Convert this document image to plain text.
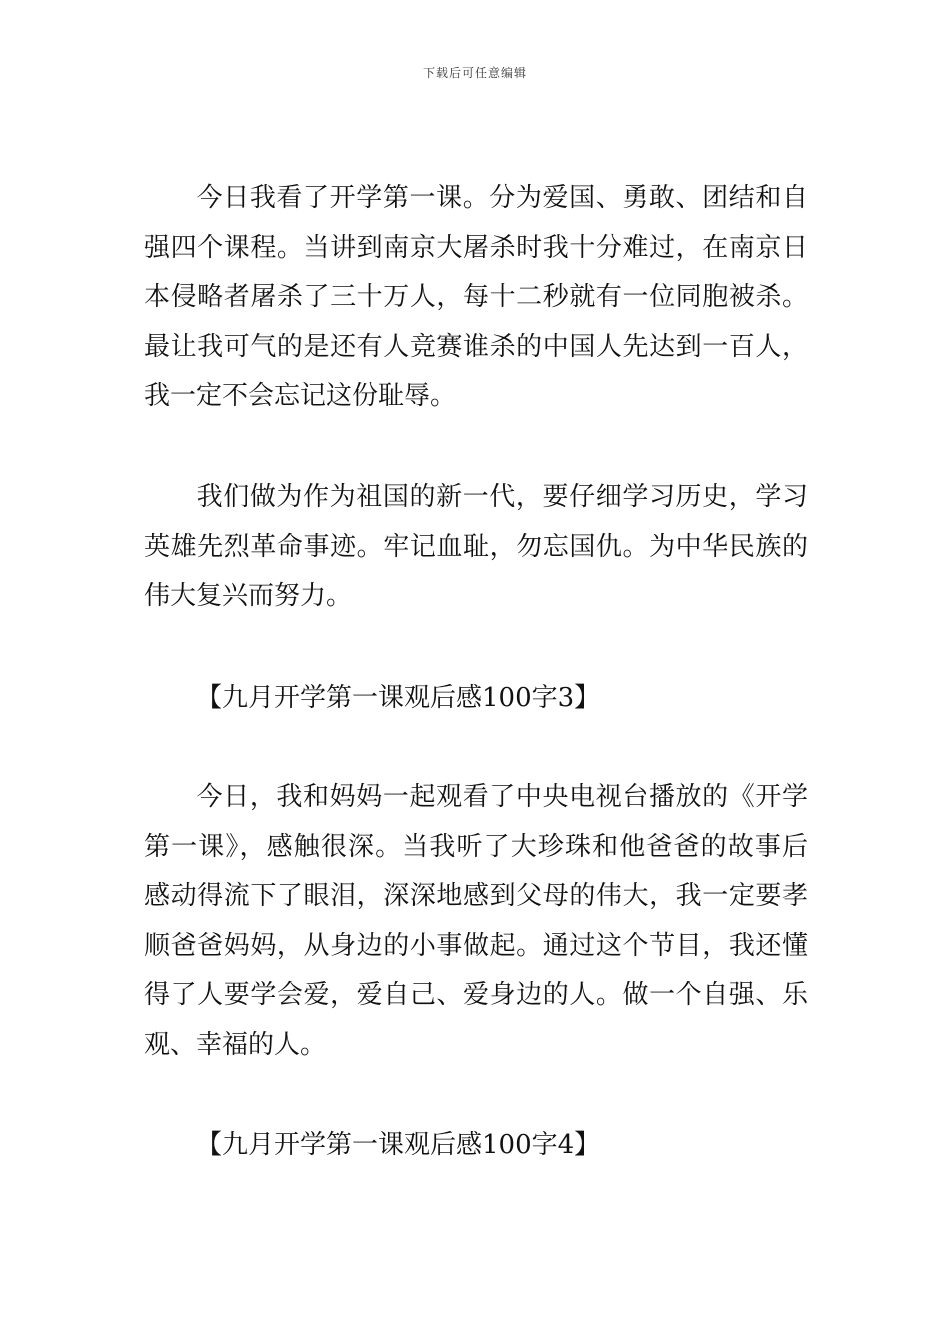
下载后可任意编辑
今日我看了开学第一课。分为爱国、勇敢、团结和自
强四个课程。当讲到南京大屠杀时我十分难过，在南京日
本侵略者屠杀了三十万人，每十二秒就有一位同胞被杀。
最让我可气的是还有人竞赛谁杀的中国人先达到一百人，
我一定不会忘记这份耻辱。
我们做为作为祖国的新一代，要仔细学习历史，学习
英雄先烈革命事迹。牢记血耻，勿忘国仇。为中华民族的
伟大复兴而努力。
【九月开学第一课观后感100字3】
今日，我和妈妈一起观看了中央电视台播放的《开学
第一课》，感触很深。当我听了大珍珠和他爸爸的故事后
感动得流下了眼泪，深深地感到父母的伟大，我一定要孝
顺爸爸妈妈，从身边的小事做起。通过这个节目，我还懂
得了人要学会爱，爱自己、爱身边的人。做一个自强、乐
观、幸福的人。
【九月开学第一课观后感100字4】
